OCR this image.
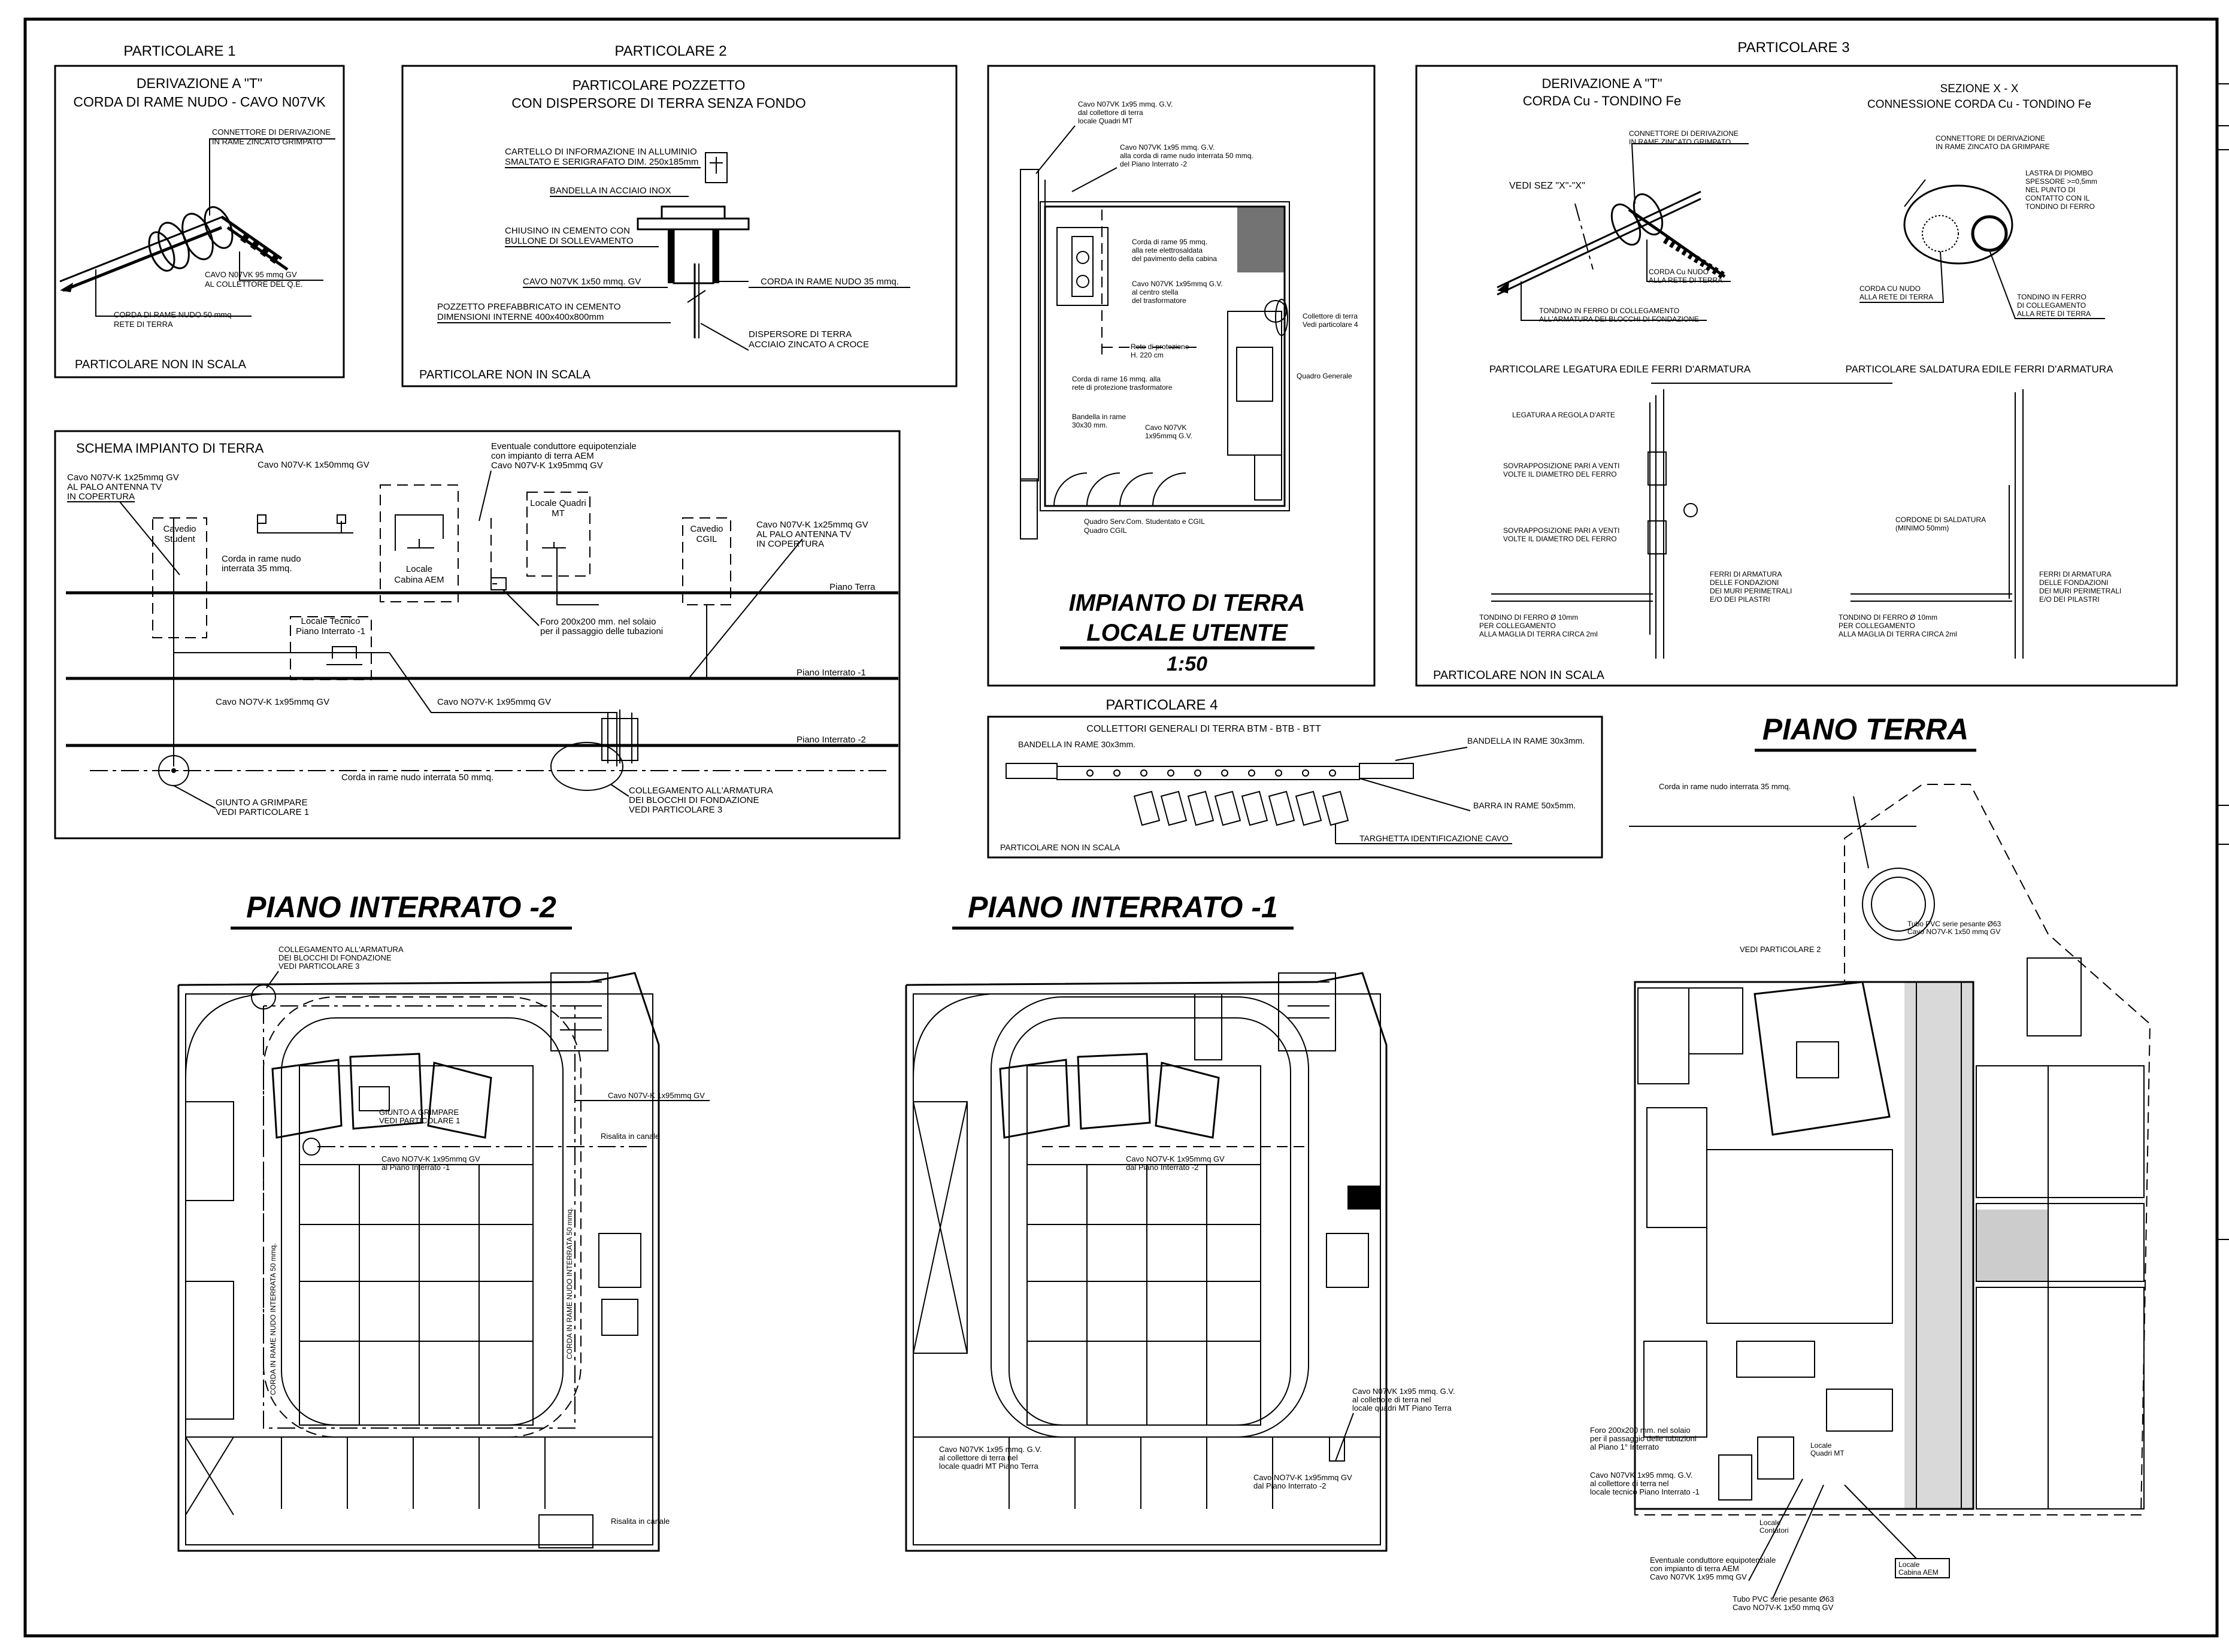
PARTICOLARE 1
DERIVAZIONE A "T"
CORDA DI RAME NUDO - CAVO N07VK
CONNETTORE DI DERIVAZIONE
IN RAME ZINCATO GRIMPATO
CAVO N07VK 95 mmq GV
AL COLLETTORE DEL Q.E.
CORDA DI RAME NUDO 50 mmq
RETE DI TERRA
PARTICOLARE NON IN SCALA
PARTICOLARE 2
PARTICOLARE POZZETTO
CON DISPERSORE DI TERRA SENZA FONDO
CARTELLO DI INFORMAZIONE IN ALLUMINIO
SMALTATO E SERIGRAFATO DIM. 250x185mm
BANDELLA IN ACCIAIO INOX
CHIUSINO IN CEMENTO CON
BULLONE DI SOLLEVAMENTO
CAVO N07VK 1x50 mmq. GV
POZZETTO PREFABBRICATO IN CEMENTO
DIMENSIONI INTERNE 400x400x800mm
CORDA IN RAME NUDO 35 mmq.
DISPERSORE DI TERRA
ACCIAIO ZINCATO A CROCE
PARTICOLARE NON IN SCALA
Cavo N07VK 1x95 mmq. G.V.
dal collettore di terra
locale Quadri MT
Cavo N07VK 1x95 mmq. G.V.
alla corda di rame nudo interrata 50 mmq.
del Piano Interrato -2
Corda di rame 95 mmq.
alla rete elettrosaldata
del pavimento della cabina
Cavo N07VK 1x95mmq G.V.
al centro stella
del trasformatore
Rete di protezione
H. 220 cm
Corda di rame 16 mmq. alla
rete di protezione trasformatore
Bandella in rame
30x30 mm.	Cavo N07VK
1x95mmq G.V.
Collettore di terra
Vedi particolare 4
Quadro Generale
Quadro Serv.Com. Studentato e CGIL
Quadro CGIL
IMPIANTO DI TERRA
LOCALE UTENTE
1:50
PARTICOLARE 3
DERIVAZIONE A "T"
CORDA Cu - TONDINO Fe
SEZIONE X - X
CONNESSIONE CORDA Cu - TONDINO Fe
VEDI SEZ "X"-"X"
CONNETTORE DI DERIVAZIONE
IN RAME ZINCATO GRIMPATO
CORDA Cu NUDO
ALLA RETE DI TERRA
TONDINO IN FERRO DI COLLEGAMENTO
ALL'ARMATURA DEI BLOCCHI DI FONDAZIONE
CONNETTORE DI DERIVAZIONE
IN RAME ZINCATO DA GRIMPARE
LASTRA DI PIOMBO
SPESSORE >=0,5mm
NEL PUNTO DI
CONTATTO CON IL
TONDINO DI FERRO
CORDA CU NUDO
ALLA RETE DI TERRA	TONDINO IN FERRO
DI COLLEGAMENTO
ALLA RETE DI TERRA
PARTICOLARE LEGATURA EDILE FERRI D'ARMATURA
LEGATURA A REGOLA D'ARTE
SOVRAPPOSIZIONE PARI A VENTI
VOLTE IL DIAMETRO DEL FERRO
SOVRAPPOSIZIONE PARI A VENTI
VOLTE IL DIAMETRO DEL FERRO
FERRI DI ARMATURA
DELLE FONDAZIONI
DEI MURI PERIMETRALI
E/O DEI PILASTRI
TONDINO DI FERRO Ø 10mm
PER COLLEGAMENTO
ALLA MAGLIA DI TERRA CIRCA 2ml
PARTICOLARE SALDATURA EDILE FERRI D'ARMATURA
CORDONE DI SALDATURA
(MINIMO 50mm)
FERRI DI ARMATURA
DELLE FONDAZIONI
DEI MURI PERIMETRALI
E/O DEI PILASTRI
TONDINO DI FERRO Ø 10mm
PER COLLEGAMENTO
ALLA MAGLIA DI TERRA CIRCA 2ml
PARTICOLARE NON IN SCALA
SCHEMA IMPIANTO DI TERRA
Cavo N07V-K 1x25mmq GV
AL PALO ANTENNA TV
IN COPERTURA
Piano Terra
Piano Interrato -1
Piano Interrato -2
Cavedio
Student
Cavedio
CGIL
Locale
Cabina AEM
Locale Quadri
MT
Locale Tecnico
Piano Interrato -1
Cavo N07V-K 1x50mmq GV
Eventuale conduttore equipotenziale
con impianto di terra AEM
Cavo N07V-K 1x95mmq GV
Corda in rame nudo
interrata 35 mmq.
Cavo N07V-K 1x25mmq GV
AL PALO ANTENNA TV
IN COPERTURA
Foro 200x200 mm. nel solaio
per il passaggio delle tubazioni
Cavo NO7V-K 1x95mmq GV	Cavo NO7V-K 1x95mmq GV
Corda in rame nudo interrata 50 mmq.
GIUNTO A GRIMPARE
VEDI PARTICOLARE 1
COLLEGAMENTO ALL'ARMATURA
DEI BLOCCHI DI FONDAZIONE
VEDI PARTICOLARE 3
PARTICOLARE 4
COLLETTORI GENERALI DI TERRA BTM - BTB - BTT
BANDELLA IN RAME 30x3mm.	BANDELLA IN RAME 30x3mm.
BARRA IN RAME 50x5mm.
TARGHETTA IDENTIFICAZIONE CAVO
PARTICOLARE NON IN SCALA
PIANO INTERRATO -2
COLLEGAMENTO ALL'ARMATURA
DEI BLOCCHI DI FONDAZIONE
VEDI PARTICOLARE 3
GIUNTO A GRIMPARE
VEDI PARTICOLARE 1
Cavo N07V-K 1x95mmq GV
Cavo NO7V-K 1x95mmq GV
al Piano Interrato -1
Risalita in canale
Risalita in canale
CORDA IN RAME NUDO INTERRATA 50 mmq.	CORDA IN RAME NUDO INTERRATA 50 mmq.
PIANO INTERRATO -1
Cavo NO7V-K 1x95mmq GV
dal Piano Interrato -2
Cavo N07VK 1x95 mmq. G.V.
al collettore di terra nel
locale quadri MT Piano Terra
Cavo N07VK 1x95 mmq. G.V.
al collettore di terra nel
locale quadri MT Piano Terra
Cavo NO7V-K 1x95mmq GV
dal Piano Interrato -2
PIANO TERRA
Corda in rame nudo interrata 35 mmq.
VEDI PARTICOLARE 2
Tubo PVC serie pesante Ø63
Cavo NO7V-K 1x50 mmq GV
Foro 200x200 mm. nel solaio
per il passaggio delle tubazioni
al Piano 1° Interrato
Cavo N07VK 1x95 mmq. G.V.
al collettore di terra nel
locale tecnico Piano Interrato -1
Locale
Quadri MT
Locale
Contatori
Eventuale conduttore equipotenziale
con impianto di terra AEM
Cavo N07VK 1x95 mmq GV
Locale
Cabina AEM
Tubo PVC serie pesante Ø63
Cavo NO7V-K 1x50 mmq GV
